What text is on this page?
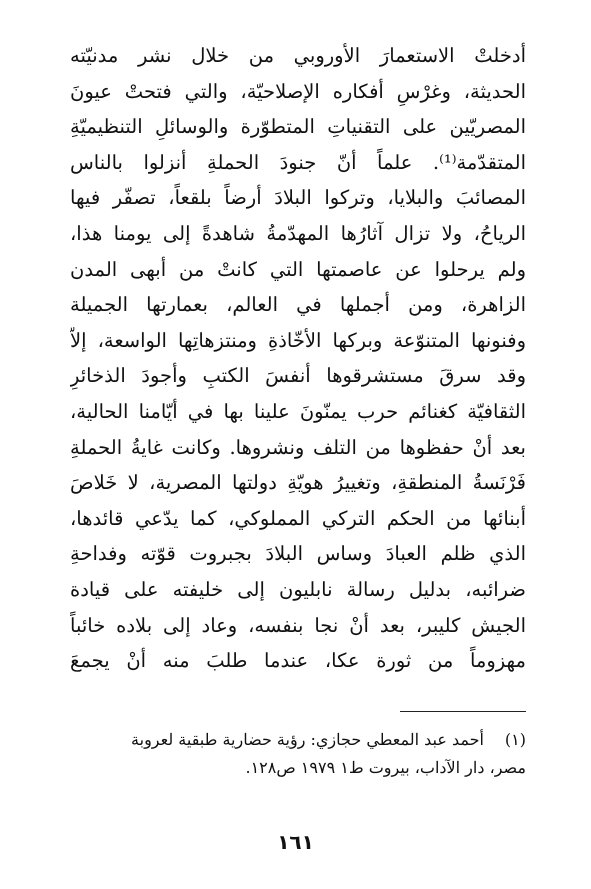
أدخلتْ الاستعمارَ الأوروبي من خلال نشر مدنيّته
الحديثة، وغرْسِ أفكاره الإصلاحيّة، والتي فتحتْ عيونَ
المصريّين على التقنياتِ المتطوّرة والوسائلِ التنظيميّةِ
المتقدّمة⁽¹⁾. علماً أنّ جنودَ الحملةِ أنزلوا بالناس
المصائبَ والبلايا، وتركوا البلادَ أرضاً بلقعاً، تصفّر فيها
الرياحُ، ولا تزال آثارُها المهدّمةُ شاهدةً إلى يومنا هذا،
ولم يرحلوا عن عاصمتها التي كانتْ من أبهى المدن
الزاهرة، ومن أجملها في العالم، بعمارتها الجميلة
وفنونها المتنوّعة وبركها الأخّاذةِ ومنتزهاتِها الواسعة، إلاّ
وقد سرقَ مستشرقوها أنفسَ الكتبِ وأجودَ الذخائرِ
الثقافيّة كغنائم حرب يمنّونَ علينا بها في أيّامنا الحالية،
بعد أنْ حفظوها من التلف ونشروها. وكانت غايةُ الحملةِ
فَرْنَسةُ المنطقةِ، وتغييرُ هويّةِ دولتها المصرية، لا خَلاصَ
أبنائها من الحكم التركي المملوكي، كما يدّعي قائدها،
الذي ظلم العبادَ وساس البلادَ بجبروت قوّته وفداحةِ
ضرائبه، بدليل رسالة نابليون إلى خليفته على قيادة
الجيش كليبر، بعد أنْ نجا بنفسه، وعاد إلى بلاده خائباً
مهزوماً من ثورة عكا، عندما طلبَ منه أنْ يجمعَ
(١)أحمد عبد المعطي حجازي: رؤية حضارية طبقية لعروبة
مصر، دار الآداب، بيروت ط١ ١٩٧٩ ص١٢٨.
١٦١
